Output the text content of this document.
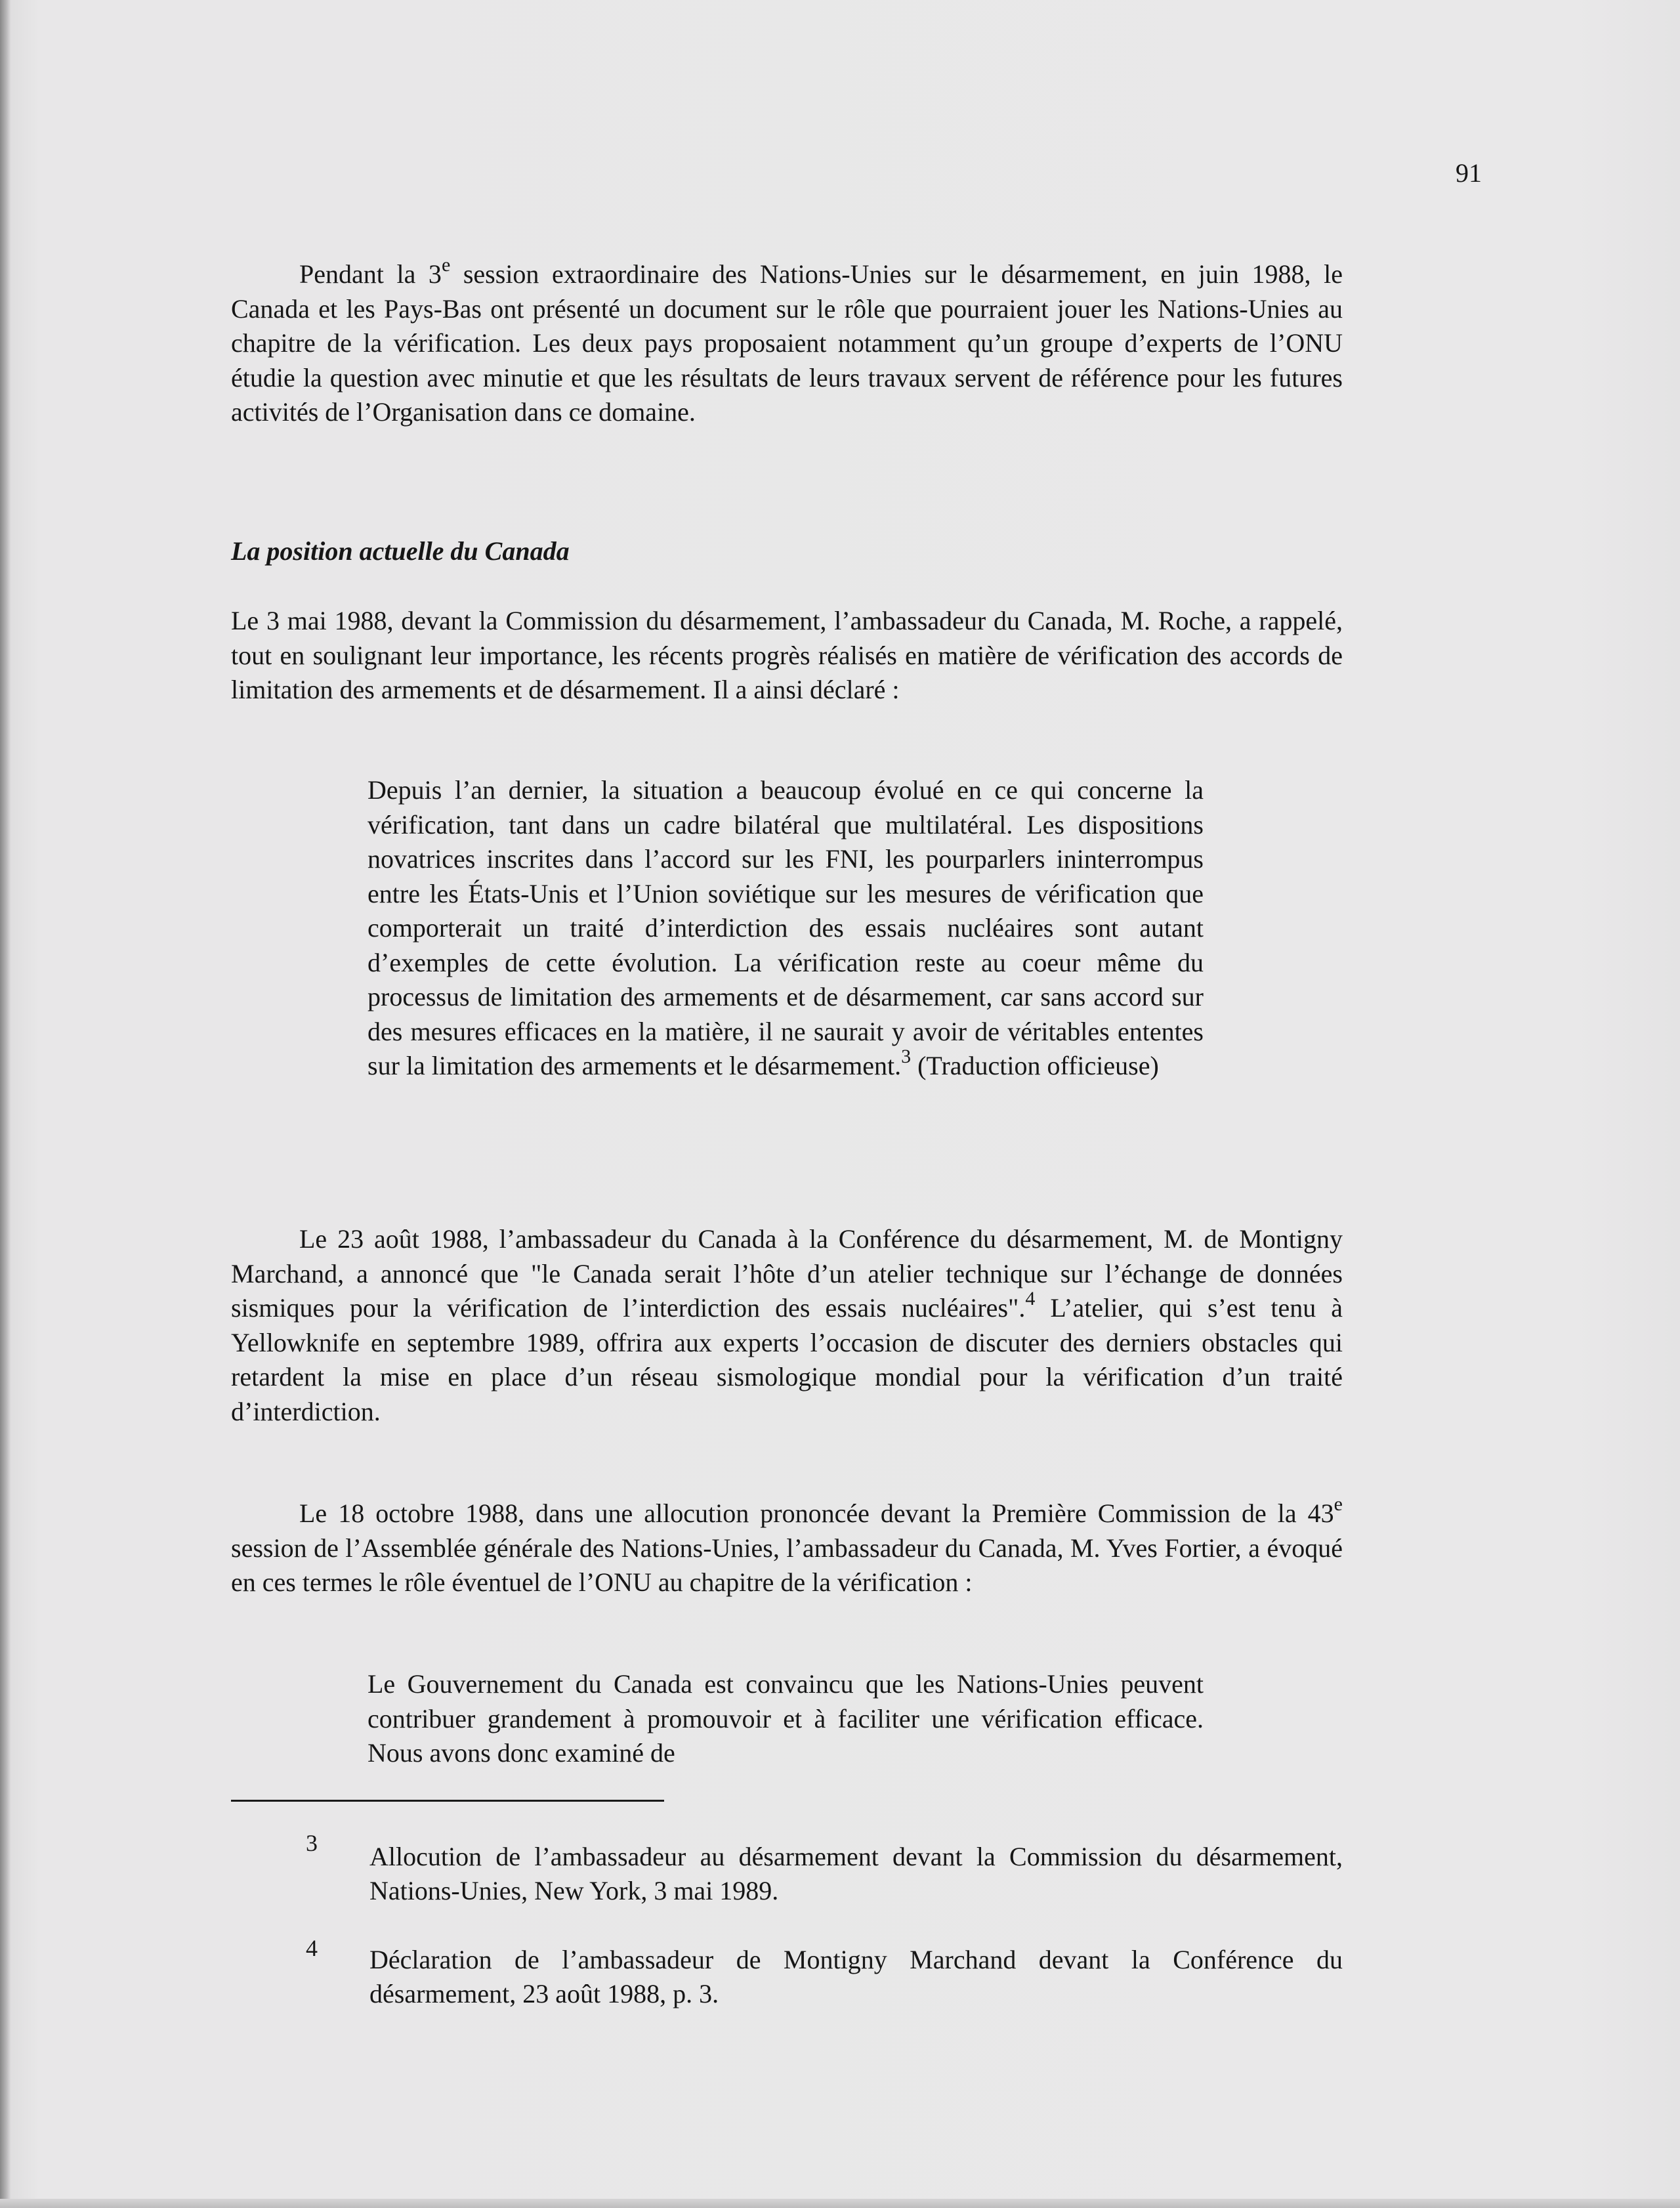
91

Pendant la 3e session extraordinaire des Nations-Unies sur le désarmement, en juin 1988, le Canada et les Pays-Bas ont présenté un document sur le rôle que pourraient jouer les Nations-Unies au chapitre de la vérification. Les deux pays proposaient notamment qu’un groupe d’experts de l’ONU étudie la question avec minutie et que les résultats de leurs travaux servent de référence pour les futures activités de l’Organisation dans ce domaine.

La position actuelle du Canada

Le 3 mai 1988, devant la Commission du désarmement, l’ambassadeur du Canada, M. Roche, a rappelé, tout en soulignant leur importance, les récents progrès réalisés en matière de vérification des accords de limitation des armements et de désarmement. Il a ainsi déclaré :

Depuis l’an dernier, la situation a beaucoup évolué en ce qui concerne la vérification, tant dans un cadre bilatéral que multilatéral. Les dispositions novatrices inscrites dans l’accord sur les FNI, les pourparlers ininterrompus entre les États-Unis et l’Union soviétique sur les mesures de vérification que comporterait un traité d’interdiction des essais nucléaires sont autant d’exemples de cette évolution. La vérification reste au coeur même du processus de limitation des armements et de désarmement, car sans accord sur des mesures efficaces en la matière, il ne saurait y avoir de véritables ententes sur la limitation des armements et le désarmement.$^3$ (Traduction officieuse)

Le 23 août 1988, l’ambassadeur du Canada à la Conférence du désarmement, M. de Montigny Marchand, a annoncé que "le Canada serait l’hôte d’un atelier technique sur l’échange de données sismiques pour la vérification de l’interdiction des essais nucléaires".$^4$ L’atelier, qui s’est tenu à Yellowknife en septembre 1989, offrira aux experts l’occasion de discuter des derniers obstacles qui retardent la mise en place d’un réseau sismologique mondial pour la vérification d’un traité d’interdiction.

Le 18 octobre 1988, dans une allocution prononcée devant la Première Commission de la 43e session de l’Assemblée générale des Nations-Unies, l’ambassadeur du Canada, M. Yves Fortier, a évoqué en ces termes le rôle éventuel de l’ONU au chapitre de la vérification :

Le Gouvernement du Canada est convaincu que les Nations-Unies peuvent contribuer grandement à promouvoir et à faciliter une vérification efficace. Nous avons donc examiné de

3 Allocution de l’ambassadeur au désarmement devant la Commission du désarmement, Nations-Unies, New York, 3 mai 1989.

4 Déclaration de l’ambassadeur de Montigny Marchand devant la Conférence du désarmement, 23 août 1988, p. 3.
